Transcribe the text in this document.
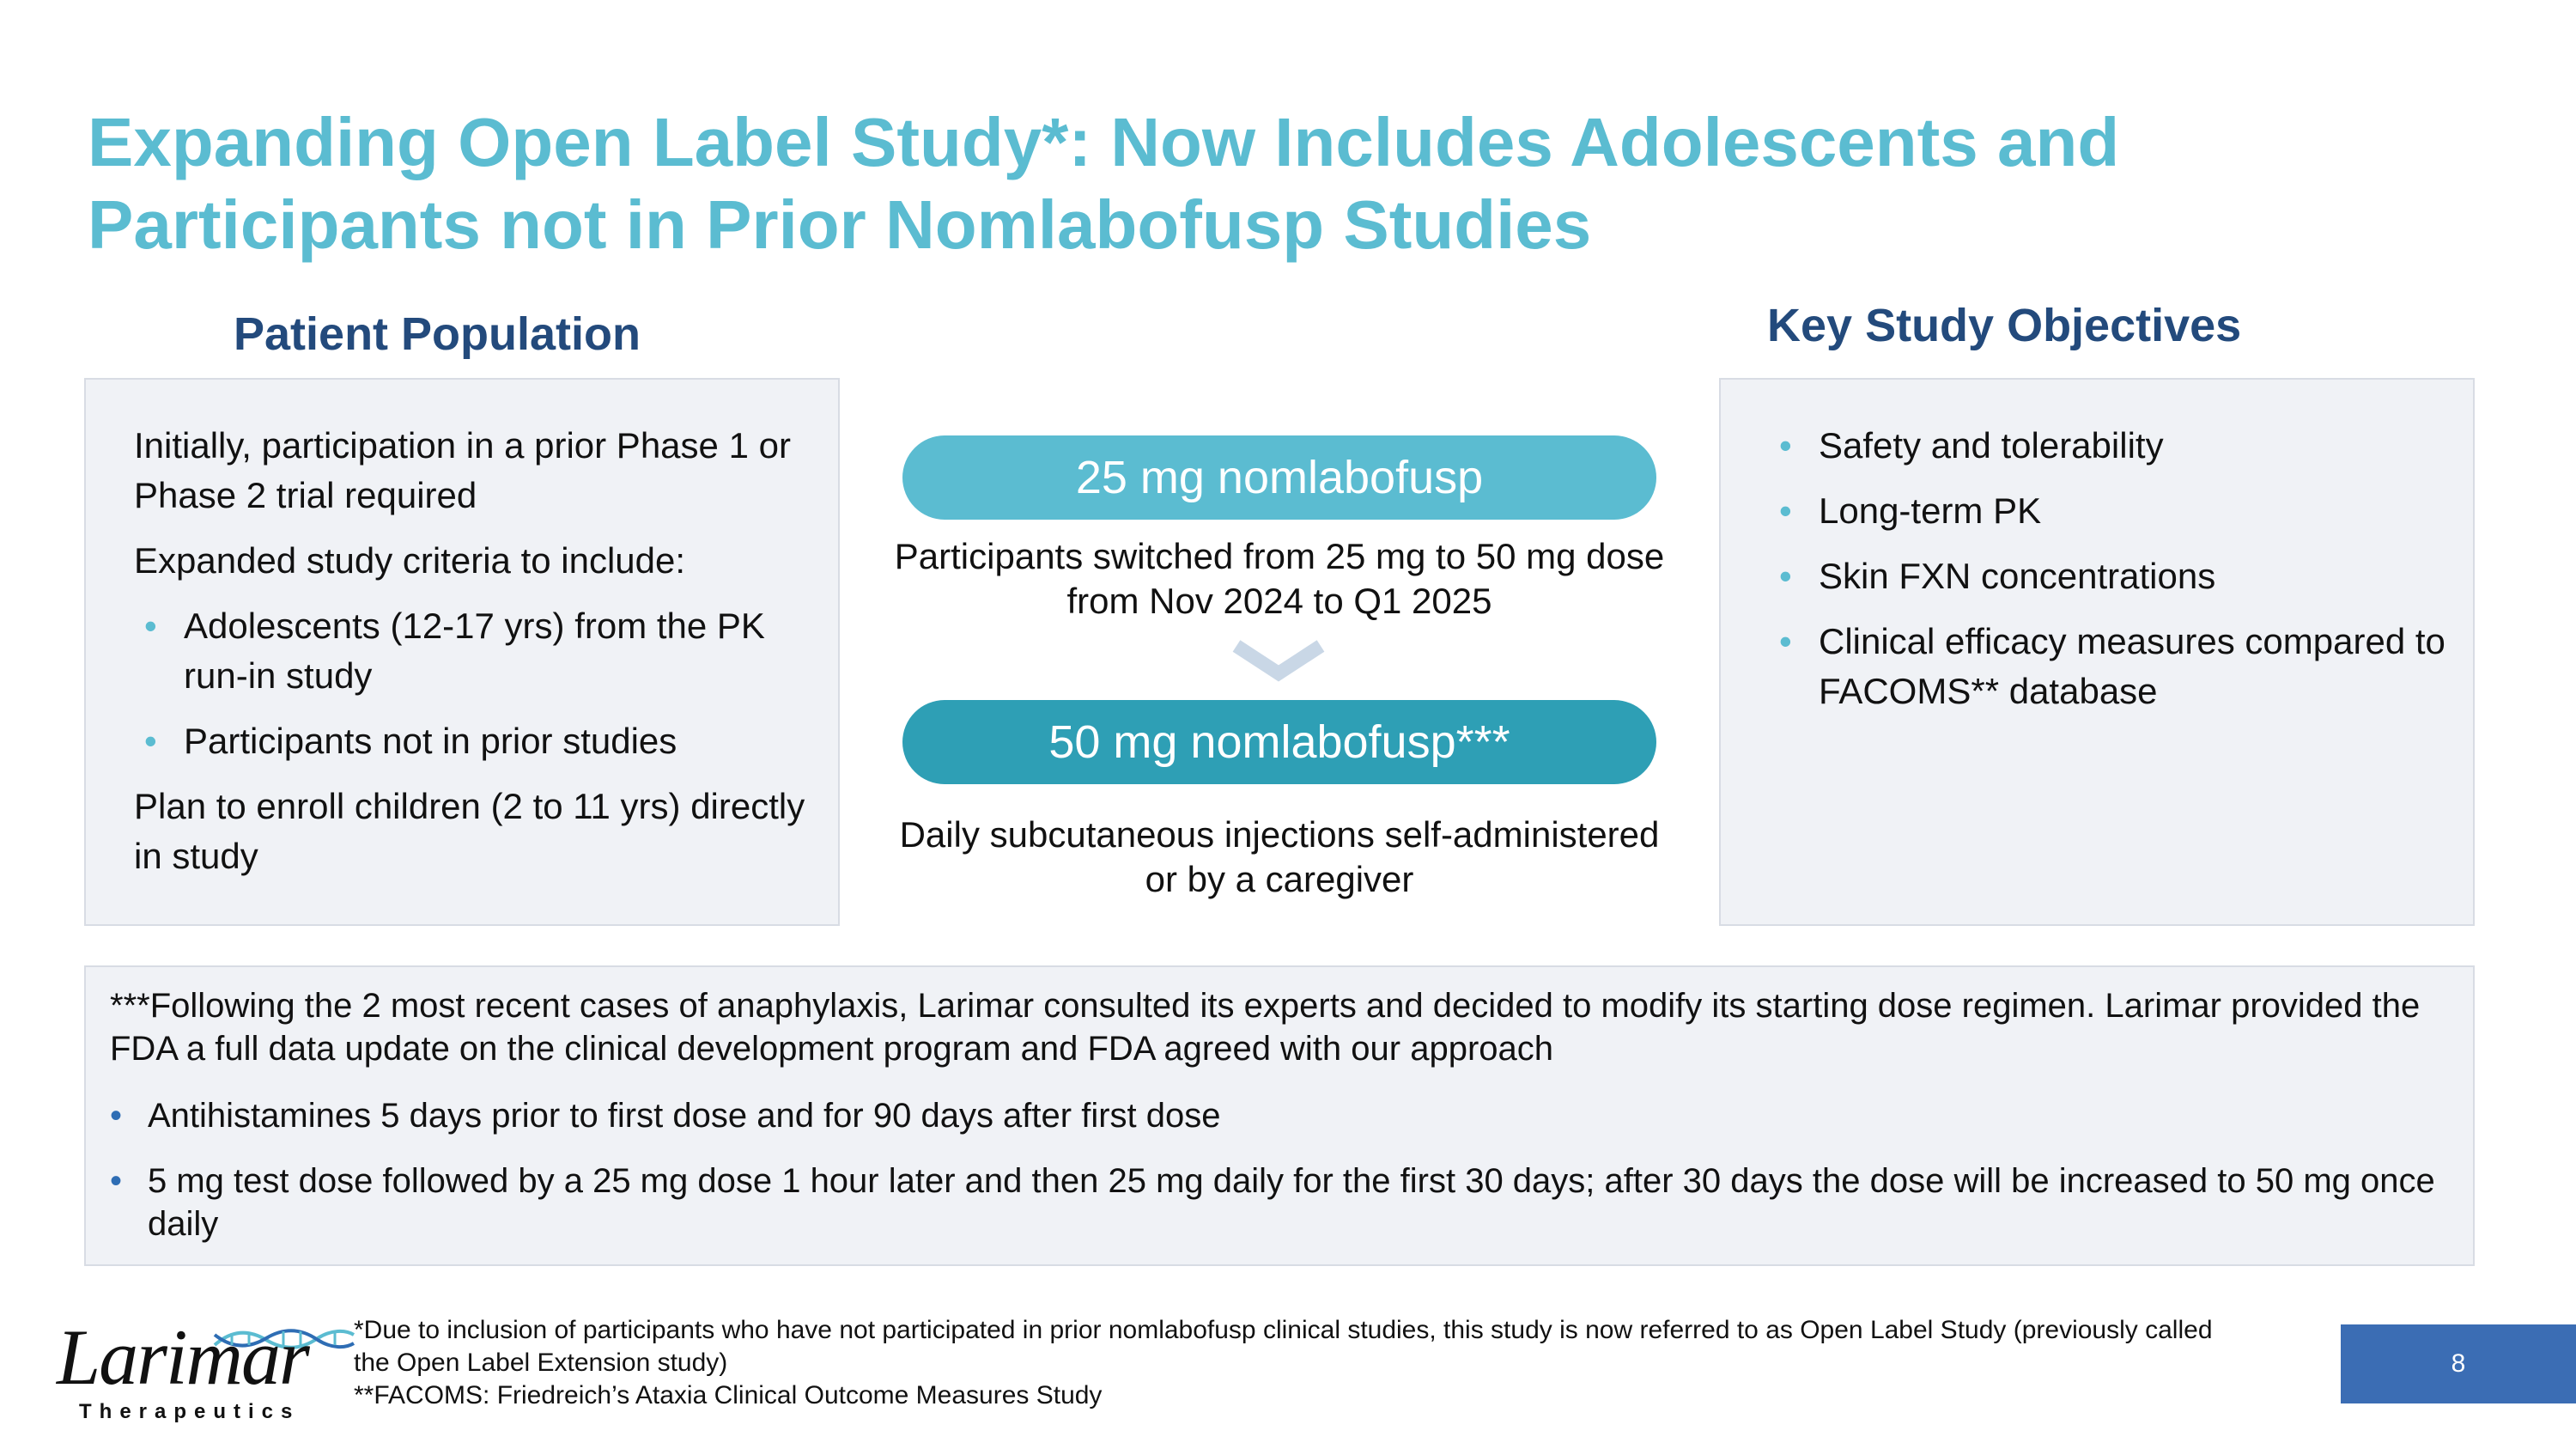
Expanding Open Label Study*: Now Includes Adolescents and
Participants not in Prior Nomlabofusp Studies
Patient Population	Key Study Objectives

Initially, participation in a prior Phase 1 or Phase 2 trial required

Expanded study criteria to include:

• Adolescents (12-17 yrs) from the PK run-in study
• Participants not in prior studies

Plan to enroll children (2 to 11 yrs) directly in study

25 mg nomlabofusp
Participants switched from 25 mg to 50 mg dose from Nov 2024 to Q1 2025
50 mg nomlabofusp***
Daily subcutaneous injections self-administered or by a caregiver
• Safety and tolerability
• Long-term PK
• Skin FXN concentrations
• Clinical efficacy measures compared to FACOMS** database

***Following the 2 most recent cases of anaphylaxis, Larimar consulted its experts and decided to modify its starting dose regimen. Larimar provided the FDA a full data update on the clinical development program and FDA agreed with our approach

• Antihistamines 5 days prior to first dose and for 90 days after first dose
• 5 mg test dose followed by a 25 mg dose 1 hour later and then 25 mg daily for the first 30 days; after 30 days the dose will be increased to 50 mg once daily
Larimar
Therapeutics

*Due to inclusion of participants who have not participated in prior nomlabofusp clinical studies, this study is now referred to as Open Label Study (previously called the Open Label Extension study)

**FACOMS: Friedreich’s Ataxia Clinical Outcome Measures Study

8
